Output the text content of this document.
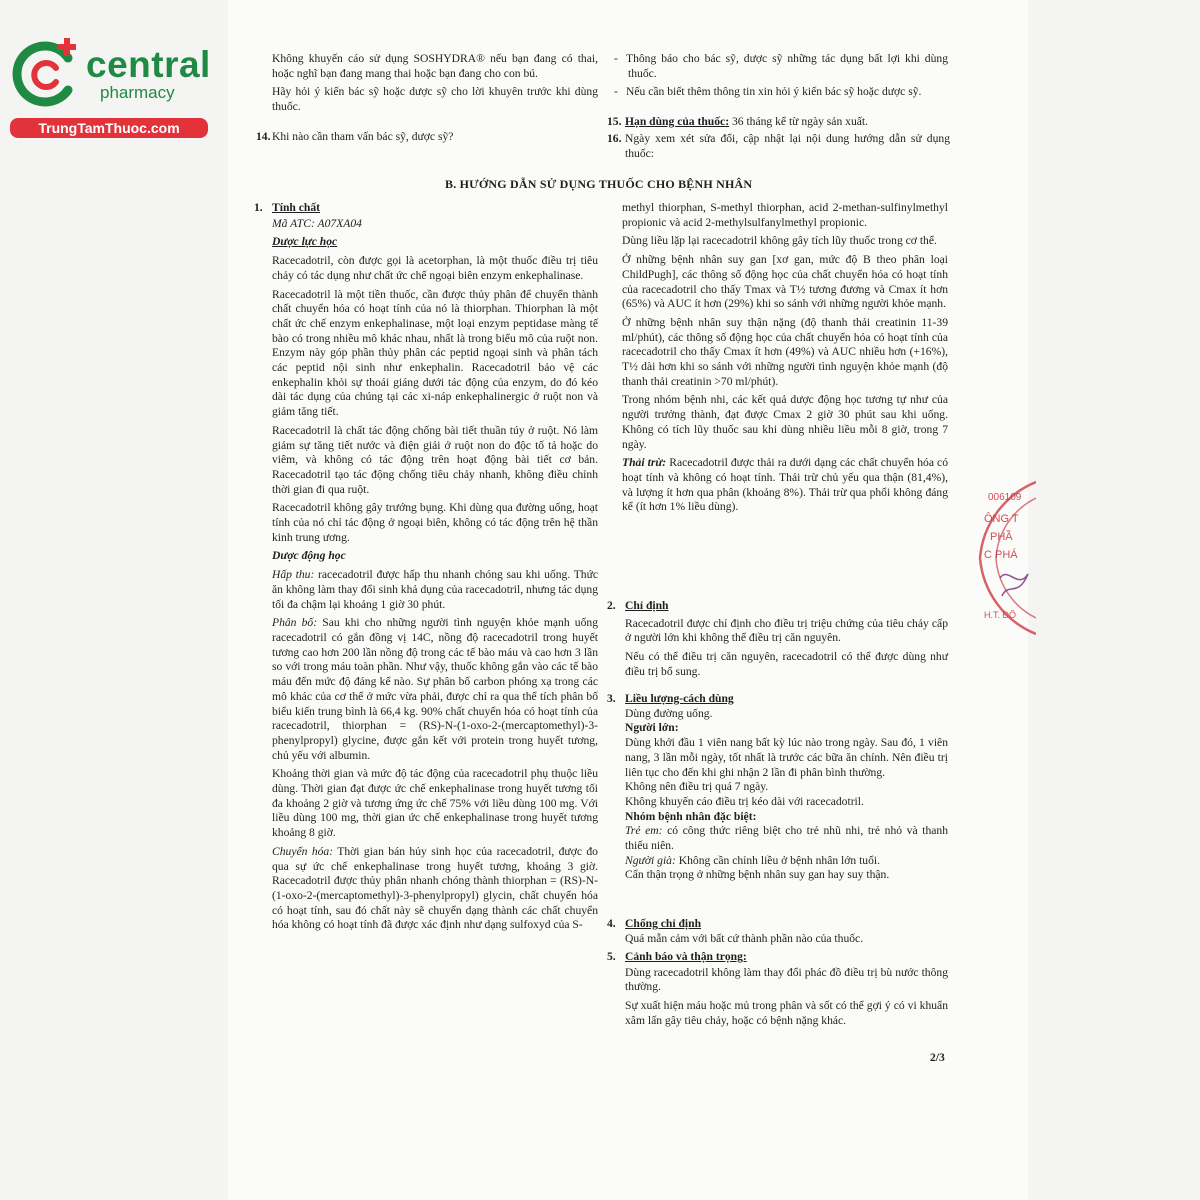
central
pharmacy
TrungTamThuoc.com

Không khuyến cáo sử dụng SOSHYDRA® nếu bạn đang có thai, hoặc nghĩ bạn đang mang thai hoặc bạn đang cho con bú.

Hãy hỏi ý kiến bác sỹ hoặc dược sỹ cho lời khuyên trước khi dùng thuốc.

14. Khi nào cần tham vấn bác sỹ, dược sỹ?

- Thông báo cho bác sỹ, dược sỹ những tác dụng bất lợi khi dùng thuốc.

- Nếu cần biết thêm thông tin xin hỏi ý kiến bác sỹ hoặc dược sỹ.

15. Hạn dùng của thuốc: 36 tháng kể từ ngày sản xuất.
16. Ngày xem xét sửa đổi, cập nhật lại nội dung hướng dẫn sử dụng thuốc:
B. HƯỚNG DẪN SỬ DỤNG THUỐC CHO BỆNH NHÂN
1. Tính chất

Mã ATC: A07XA04

Dược lực học

Racecadotril, còn được gọi là acetorphan, là một thuốc điều trị tiêu chảy có tác dụng như chất ức chế ngoại biên enzym enkephalinase.

Racecadotril là một tiền thuốc, cần được thủy phân để chuyển thành chất chuyển hóa có hoạt tính của nó là thiorphan. Thiorphan là một chất ức chế enzym enkephalinase, một loại enzym peptidase màng tế bào có trong nhiều mô khác nhau, nhất là trong biểu mô của ruột non. Enzym này góp phần thủy phân các peptid ngoại sinh và phân tách các peptid nội sinh như enkephalin. Racecadotril bảo vệ các enkephalin khỏi sự thoái giáng dưới tác động của enzym, do đó kéo dài tác dụng của chúng tại các xi-náp enkephalinergic ở ruột non và giảm tăng tiết.

Racecadotril là chất tác động chống bài tiết thuần túy ở ruột. Nó làm giảm sự tăng tiết nước và điện giải ở ruột non do độc tố tả hoặc do viêm, và không có tác động trên hoạt động bài tiết cơ bản. Racecadotril tạo tác động chống tiêu chảy nhanh, không điều chỉnh thời gian đi qua ruột.

Racecadotril không gây trướng bụng. Khi dùng qua đường uống, hoạt tính của nó chỉ tác động ở ngoại biên, không có tác động trên hệ thần kinh trung ương.

Dược động học

Hấp thu: racecadotril được hấp thu nhanh chóng sau khi uống. Thức ăn không làm thay đổi sinh khả dụng của racecadotril, nhưng tác dụng tối đa chậm lại khoảng 1 giờ 30 phút.

Phân bố: Sau khi cho những người tình nguyện khỏe mạnh uống racecadotril có gắn đồng vị 14C, nồng độ racecadotril trong huyết tương cao hơn 200 lần nồng độ trong các tế bào máu và cao hơn 3 lần so với trong máu toàn phần. Như vậy, thuốc không gắn vào các tế bào máu đến mức độ đáng kể nào. Sự phân bố carbon phóng xạ trong các mô khác của cơ thể ở mức vừa phải, được chỉ ra qua thể tích phân bố biểu kiến trung bình là 66,4 kg. 90% chất chuyển hóa có hoạt tính của racecadotril, thiorphan = (RS)-N-(1-oxo-2-(mercaptomethyl)-3-phenylpropyl) glycine, được gắn kết với protein trong huyết tương, chủ yếu với albumin.

Khoảng thời gian và mức độ tác động của racecadotril phụ thuộc liều dùng. Thời gian đạt được ức chế enkephalinase trong huyết tương tối đa khoảng 2 giờ và tương ứng ức chế 75% với liều dùng 100 mg. Với liều dùng 100 mg, thời gian ức chế enkephalinase trong huyết tương khoảng 8 giờ.

Chuyển hóa: Thời gian bán hủy sinh học của racecadotril, được đo qua sự ức chế enkephalinase trong huyết tương, khoảng 3 giờ. Racecadotril được thủy phân nhanh chóng thành thiorphan = (RS)-N-(1-oxo-2-(mercaptomethyl)-3-phenylpropyl) glycin, chất chuyển hóa có hoạt tính, sau đó chất này sẽ chuyển dạng thành các chất chuyển hóa không có hoạt tính đã được xác định như dạng sulfoxyd của S-

methyl thiorphan, S-methyl thiorphan, acid 2-methan-sulfinylmethyl propionic và acid 2-methylsulfanylmethyl propionic.

Dùng liều lặp lại racecadotril không gây tích lũy thuốc trong cơ thể.

Ở những bệnh nhân suy gan [xơ gan, mức độ B theo phân loại ChildPugh], các thông số động học của chất chuyển hóa có hoạt tính của racecadotril cho thấy Tmax và T½ tương đương và Cmax ít hơn (65%) và AUC ít hơn (29%) khi so sánh với những người khỏe mạnh.

Ở những bệnh nhân suy thận nặng (độ thanh thải creatinin 11-39 ml/phút), các thông số động học của chất chuyển hóa có hoạt tính của racecadotril cho thấy Cmax ít hơn (49%) và AUC nhiều hơn (+16%), T½ dài hơn khi so sánh với những người tình nguyện khỏe mạnh (độ thanh thải creatinin >70 ml/phút).

Trong nhóm bệnh nhi, các kết quả dược động học tương tự như của người trưởng thành, đạt được Cmax 2 giờ 30 phút sau khi uống. Không có tích lũy thuốc sau khi dùng nhiều liều mỗi 8 giờ, trong 7 ngày.

Thải trừ: Racecadotril được thải ra dưới dạng các chất chuyển hóa có hoạt tính và không có hoạt tính. Thải trừ chủ yếu qua thận (81,4%), và lượng ít hơn qua phân (khoảng 8%). Thải trừ qua phổi không đáng kể (ít hơn 1% liều dùng).

2. Chỉ định

Racecadotril được chỉ định cho điều trị triệu chứng của tiêu chảy cấp ở người lớn khi không thể điều trị căn nguyên.

Nếu có thể điều trị căn nguyên, racecadotril có thể được dùng như điều trị bổ sung.

3. Liều lượng-cách dùng
Dùng đường uống.
Người lớn:
Dùng khởi đầu 1 viên nang bất kỳ lúc nào trong ngày. Sau đó, 1 viên nang, 3 lần mỗi ngày, tốt nhất là trước các bữa ăn chính. Nên điều trị liên tục cho đến khi ghi nhận 2 lần đi phân bình thường.
Không nên điều trị quá 7 ngày.
Không khuyến cáo điều trị kéo dài với racecadotril.
Nhóm bệnh nhân đặc biệt:
Trẻ em: có công thức riêng biệt cho trẻ nhũ nhi, trẻ nhỏ và thanh thiếu niên.
Người già: Không cần chỉnh liều ở bệnh nhân lớn tuổi.
Cẩn thận trọng ở những bệnh nhân suy gan hay suy thận.
4. Chống chỉ định
Quá mẫn cảm với bất cứ thành phần nào của thuốc.
5. Cảnh báo và thận trọng:

Dùng racecadotril không làm thay đổi phác đồ điều trị bù nước thông thường.

Sự xuất hiện máu hoặc mủ trong phân và sốt có thể gợi ý có vi khuẩn xâm lấn gây tiêu chảy, hoặc có bệnh nặng khác.

2/3
006109
ÔNG T
PHẦ
C PHÁ
H.T. ĐÔ
